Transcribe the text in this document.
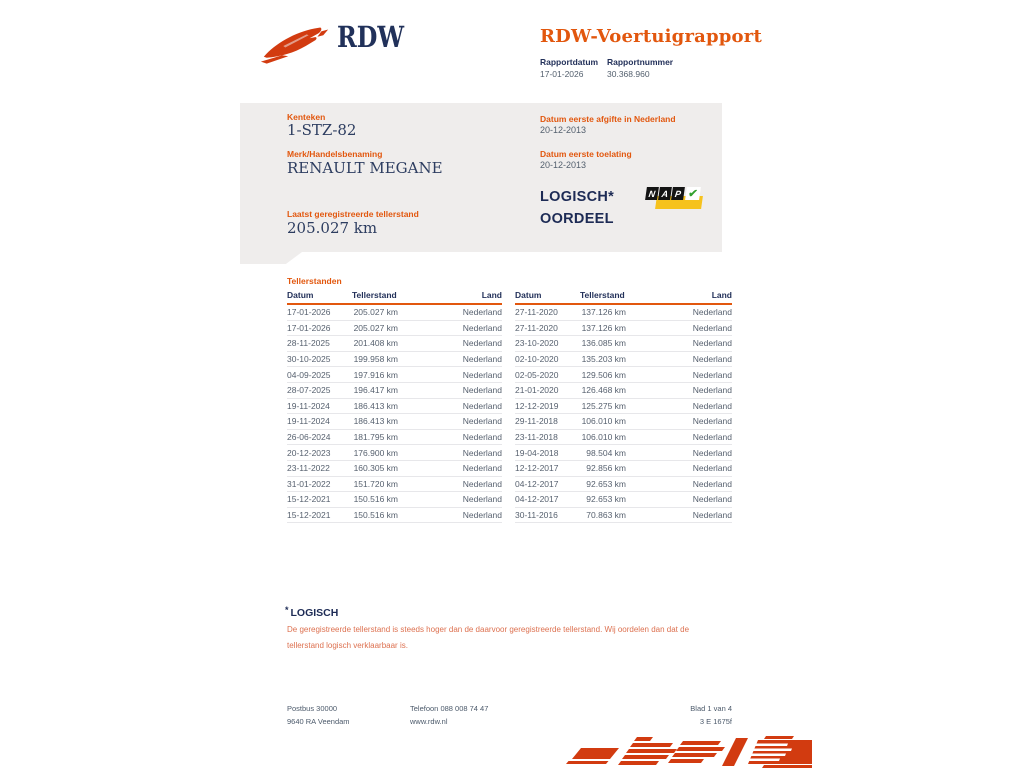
RDW	RDW-Voertuigrapport
Rapportdatum
17-01-2026
Rapportnummer
30.368.960
Kenteken
1-STZ-82
Merk/Handelsbenaming
RENAULT MEGANE
Laatst geregistreerde tellerstand
205.027 km
Datum eerste afgifte in Nederland
20-12-2013
Datum eerste toelating
20-12-2013
LOGISCH*
OORDEEL
N A P ✔
Tellerstanden
Datum	Tellerstand	Land
17-01-2026	205.027 km	Nederland
17-01-2026	205.027 km	Nederland
28-11-2025	201.408 km	Nederland
30-10-2025	199.958 km	Nederland
04-09-2025	197.916 km	Nederland
28-07-2025	196.417 km	Nederland
19-11-2024	186.413 km	Nederland
19-11-2024	186.413 km	Nederland
26-06-2024	181.795 km	Nederland
20-12-2023	176.900 km	Nederland
23-11-2022	160.305 km	Nederland
31-01-2022	151.720 km	Nederland
15-12-2021	150.516 km	Nederland
15-12-2021	150.516 km	Nederland
Datum	Tellerstand	Land
27-11-2020	137.126 km	Nederland
27-11-2020	137.126 km	Nederland
23-10-2020	136.085 km	Nederland
02-10-2020	135.203 km	Nederland
02-05-2020	129.506 km	Nederland
21-01-2020	126.468 km	Nederland
12-12-2019	125.275 km	Nederland
29-11-2018	106.010 km	Nederland
23-11-2018	106.010 km	Nederland
19-04-2018	98.504 km	Nederland
12-12-2017	92.856 km	Nederland
04-12-2017	92.653 km	Nederland
04-12-2017	92.653 km	Nederland
30-11-2016	70.863 km	Nederland
* LOGISCH
De geregistreerde tellerstand is steeds hoger dan de daarvoor geregistreerde tellerstand. Wij oordelen dan dat de tellerstand logisch verklaarbaar is.
Postbus 30000
9640 RA Veendam
Telefoon 088 008 74 47
www.rdw.nl
Blad 1 van 4
3 E 1675f
